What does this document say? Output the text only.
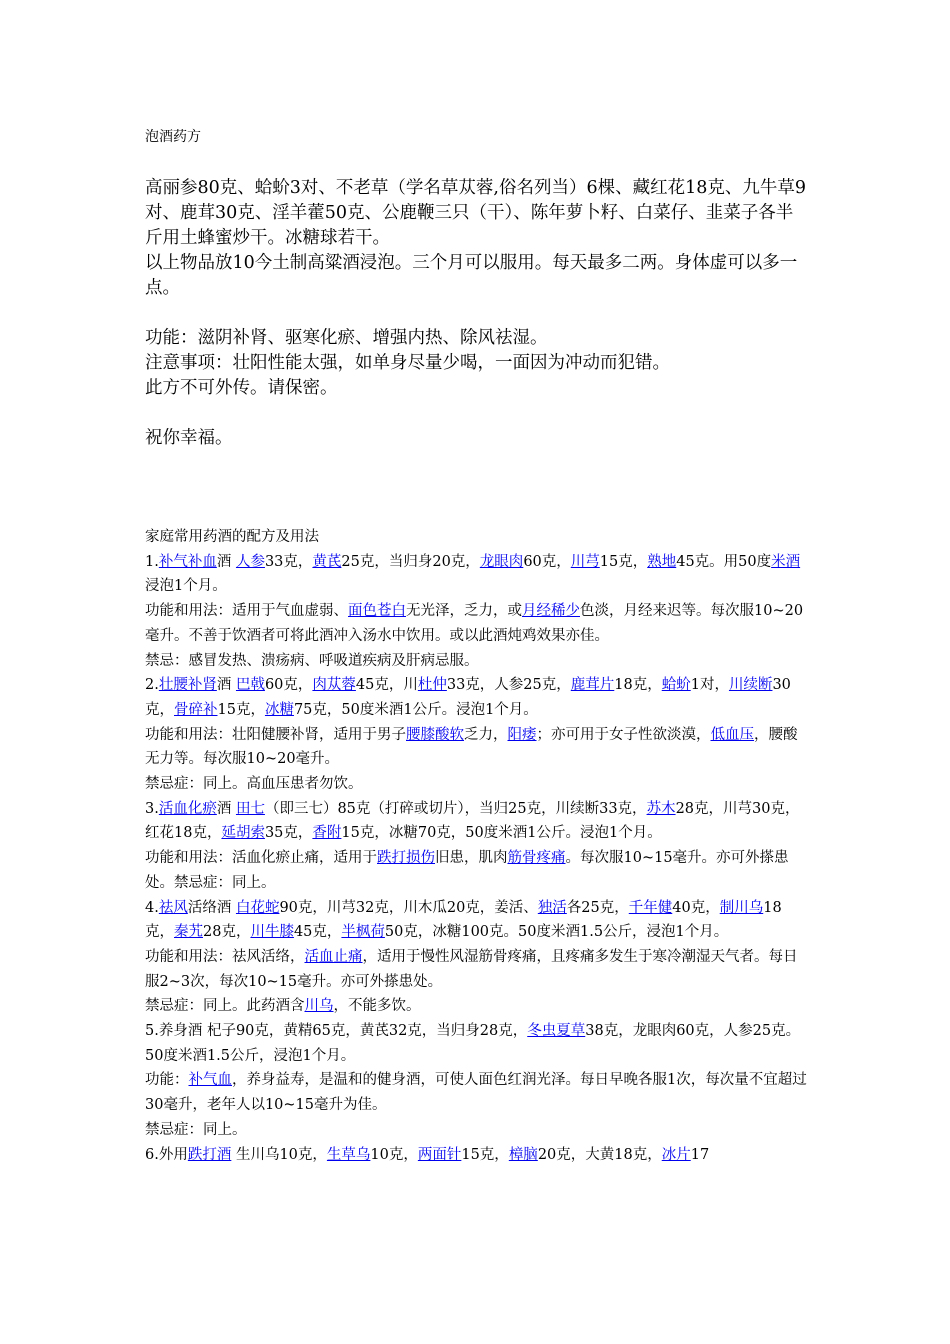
泡酒药方

高丽参80克、蛤蚧3对、不老草（学名草苁蓉,俗名列当）6棵、藏红花18克、九牛草9对、鹿茸30克、淫羊藿50克、公鹿鞭三只（干）、陈年萝卜籽、白菜仔、韭菜子各半斤用土蜂蜜炒干。冰糖球若干。

以上物品放10今土制高粱酒浸泡。三个月可以服用。每天最多二两。身体虚可以多一点。

功能：滋阴补肾、驱寒化瘀、增强内热、除风祛湿。

注意事项：壮阳性能太强，如单身尽量少喝，一面因为冲动而犯错。

此方不可外传。请保密。

祝你幸福。

家庭常用药酒的配方及用法

1.补气补血酒 人参33克，黄芪25克，当归身20克，龙眼肉60克，川芎15克，熟地45克。用50度米酒浸泡1个月。

功能和用法：适用于气血虚弱、面色苍白无光泽，乏力，或月经稀少色淡，月经来迟等。每次服10~20毫升。不善于饮酒者可将此酒冲入汤水中饮用。或以此酒炖鸡效果亦佳。

禁忌：感冒发热、溃疡病、呼吸道疾病及肝病忌服。

2.壮腰补肾酒 巴戟60克，肉苁蓉45克，川杜仲33克，人参25克，鹿茸片18克，蛤蚧1对，川续断30克，骨碎补15克，冰糖75克，50度米酒1公斤。浸泡1个月。

功能和用法：壮阳健腰补肾，适用于男子腰膝酸软乏力，阳痿；亦可用于女子性欲淡漠，低血压，腰酸无力等。每次服10~20毫升。

禁忌症：同上。高血压患者勿饮。

3.活血化瘀酒 田七（即三七）85克（打碎或切片），当归25克，川续断33克，苏木28克，川芎30克，红花18克，延胡索35克，香附15克，冰糖70克，50度米酒1公斤。浸泡1个月。

功能和用法：活血化瘀止痛，适用于跌打损伤旧患，肌肉筋骨疼痛。每次服10~15毫升。亦可外搽患处。禁忌症：同上。

4.祛风活络酒 白花蛇90克，川芎32克，川木瓜20克，姜活、独活各25克，千年健40克，制川乌18克，秦艽28克，川牛膝45克，半枫荷50克，冰糖100克。50度米酒1.5公斤，浸泡1个月。

功能和用法：祛风活络，活血止痛，适用于慢性风湿筋骨疼痛，且疼痛多发生于寒冷潮湿天气者。每日服2~3次，每次10~15毫升。亦可外搽患处。

禁忌症：同上。此药酒含川乌，不能多饮。

5.养身酒 杞子90克，黄精65克，黄芪32克，当归身28克，冬虫夏草38克，龙眼肉60克，人参25克。50度米酒1.5公斤，浸泡1个月。

功能：补气血，养身益寿，是温和的健身酒，可使人面色红润光泽。每日早晚各服1次，每次量不宜超过30毫升，老年人以10~15毫升为佳。

禁忌症：同上。

6.外用跌打酒 生川乌10克，生草乌10克，两面针15克，樟脑20克，大黄18克，冰片17
